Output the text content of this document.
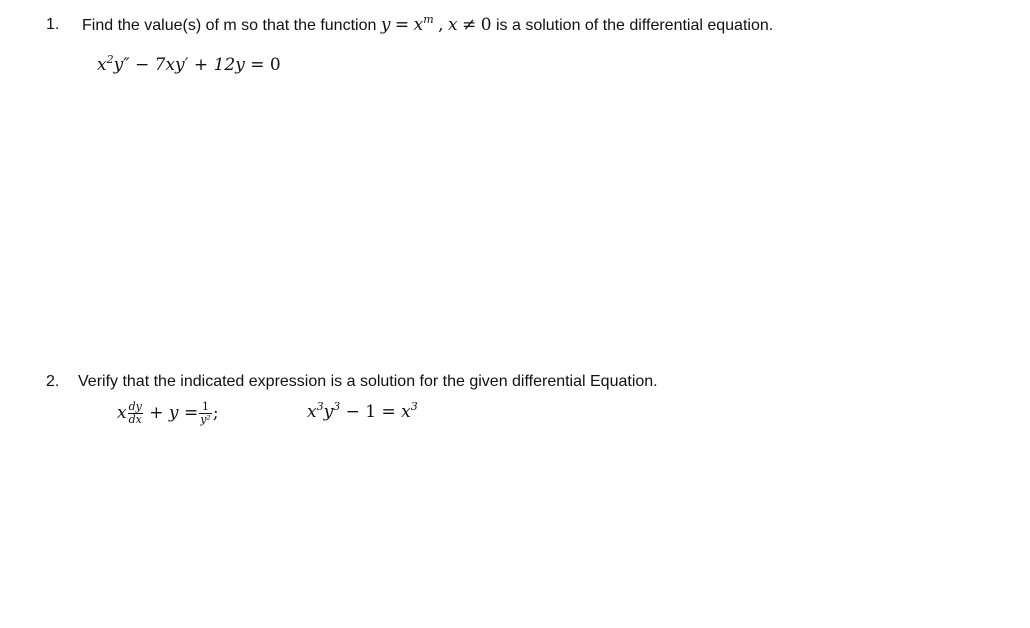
1. Find the value(s) of m so that the function $y = x^m$ , x ≠ 0 is a solution of the differential equation.
$x^2y'' - 7xy' + 12y = 0$
2. Verify that the indicated expression is a solution for the given differential Equation.
x $\frac{dy}{dx} + y = \frac{1}{\text{y²}}$ ;	$x^3y^3 - 1 = x^3$
